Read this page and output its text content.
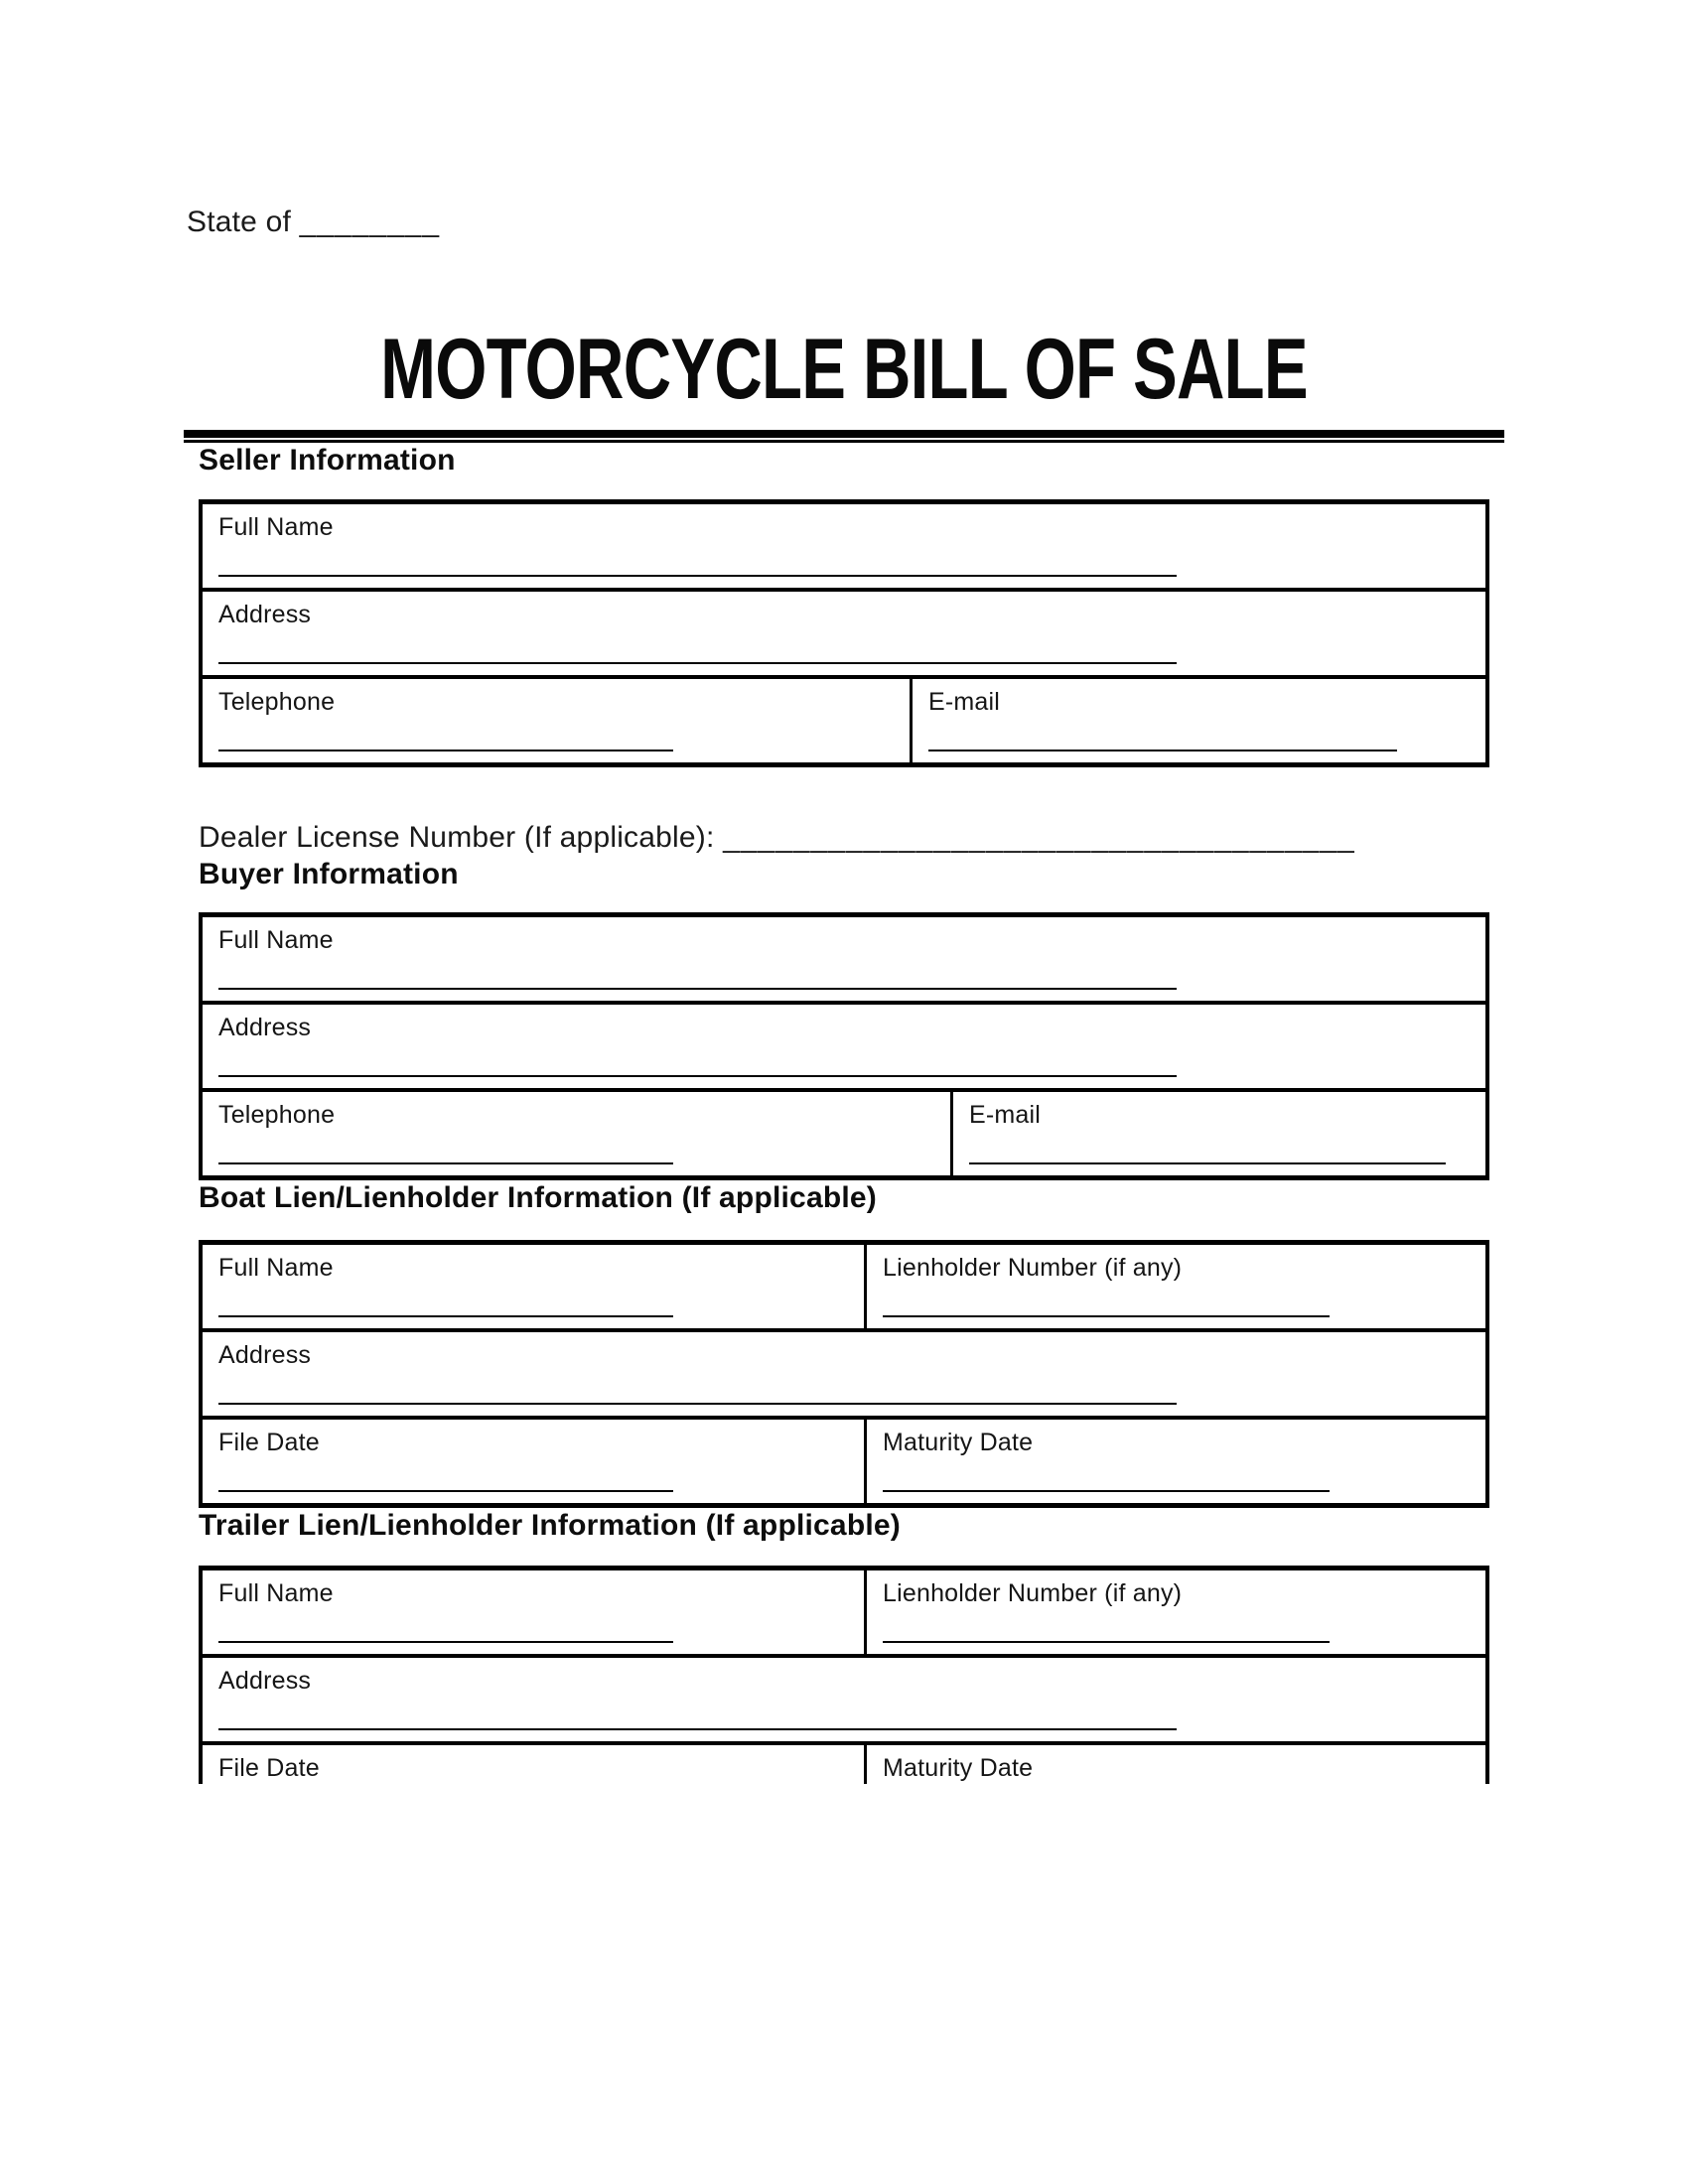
State of ________
MOTORCYCLE BILL OF SALE
Seller Information
Full Name
Address
Telephone	E-mail
Dealer License Number (If applicable): ____________________________________
Buyer Information
Full Name
Address
Telephone	E-mail
Boat Lien/Lienholder Information (If applicable)
Full Name	Lienholder Number (if any)
Address
File Date	Maturity Date
Trailer Lien/Lienholder Information (If applicable)
Full Name	Lienholder Number (if any)
Address
File Date	Maturity Date
